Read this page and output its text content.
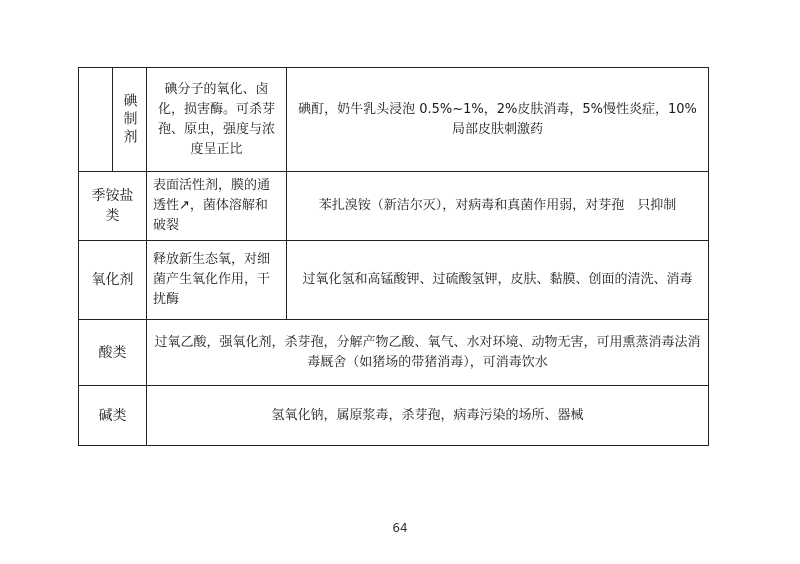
	碘制剂	碘分子的氧化、卤化，损害酶。可杀芽孢、原虫，强度与浓度呈正比	碘酊，奶牛乳头浸泡 0.5%~1%，2%皮肤消毒，5%慢性炎症，10%局部皮肤刺激药
季铵盐类		表面活性剂，膜的通透性↗，菌体溶解和破裂	苯扎溴铵（新洁尔灭），对病毒和真菌作用弱，对芽孢　只抑制
氧化剂		释放新生态氧，对细菌产生氧化作用，干扰酶	过氧化氢和高锰酸钾、过硫酸氢钾，皮肤、黏膜、创面的清洗、消毒
酸类		过氧乙酸，强氧化剂，杀芽孢，分解产物乙酸、氧气、水对环境、动物无害，可用熏蒸消毒法消毒厩舍（如猪场的带猪消毒），可消毒饮水	
碱类		氢氧化钠，属原浆毒，杀芽孢，病毒污染的场所、器械	
64
